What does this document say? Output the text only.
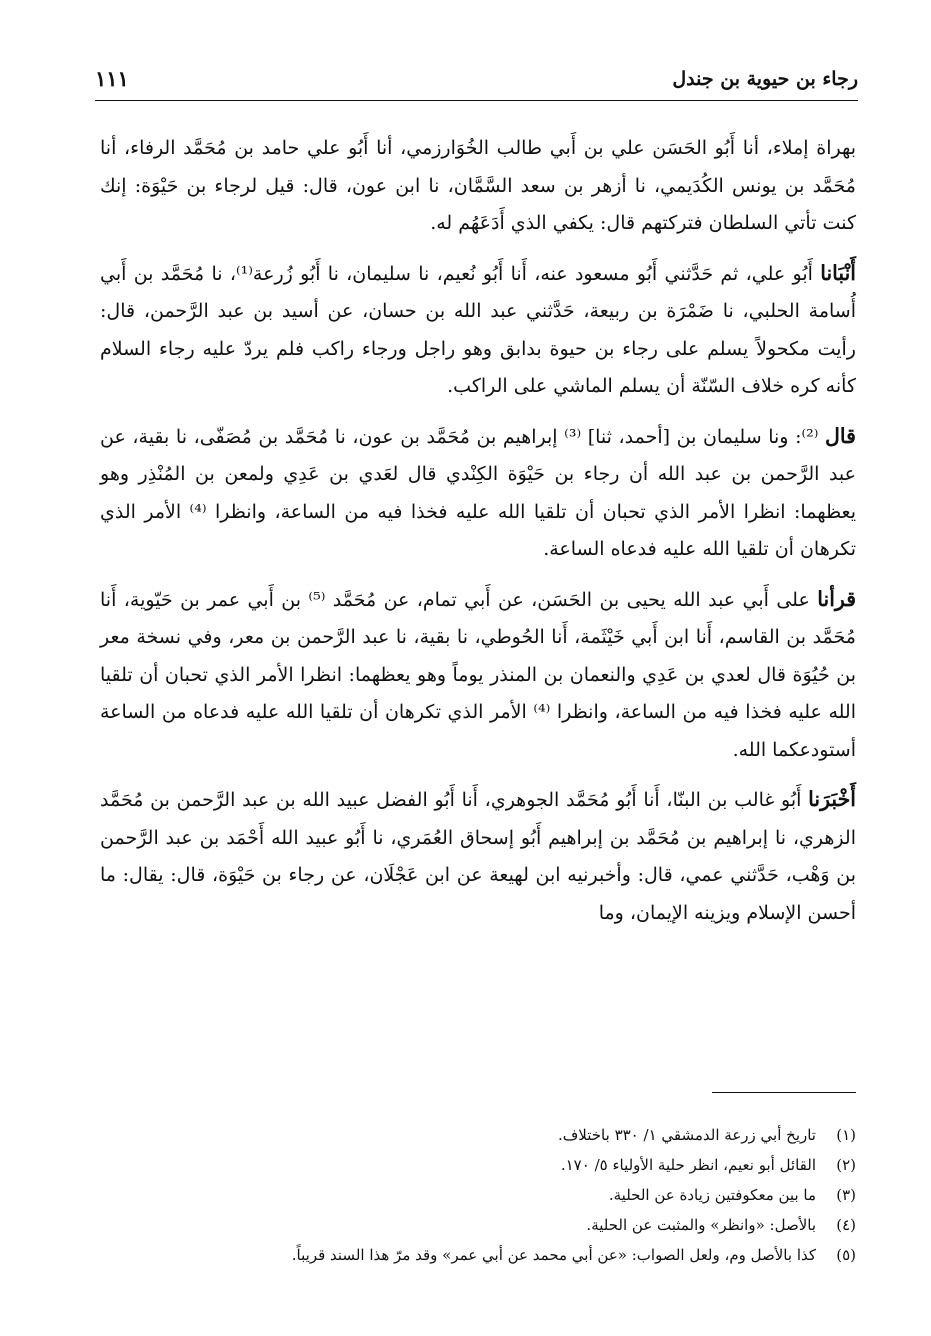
رجاء بن حيوية بن جندل
١١١

بهراة إملاء، أنا أَبُو الحَسَن علي بن أَبي طالب الخُوَارزمي، أنا أَبُو علي حامد بن مُحَمَّد الرفاء، أنا مُحَمَّد بن يونس الكُدَيمي، نا أزهر بن سعد السَّمَّان، نا ابن عون، قال: قيل لرجاء بن حَيْوَة: إنك كنت تأتي السلطان فتركتهم قال: يكفي الذي أَدَعَهُم له.

أَنْبَانا أَبُو علي، ثم حَدَّثني أَبُو مسعود عنه، أَنا أَبُو نُعيم، نا سليمان، نا أَبُو زُرعة⁽¹⁾، نا مُحَمَّد بن أَبي أُسامة الحلبي، نا ضَمْرَة بن ربيعة، حَدَّثني عبد الله بن حسان، عن أسيد بن عبد الرَّحمن، قال: رأيت مكحولاً يسلم على رجاء بن حيوة بدابق وهو راجل ورجاء راكب فلم يردّ عليه رجاء السلام كأنه كره خلاف السّنّة أن يسلم الماشي على الراكب.

قال ⁽²⁾: ونا سليمان بن [أحمد، ثنا] ⁽³⁾ إبراهيم بن مُحَمَّد بن عون، نا مُحَمَّد بن مُصَفّى، نا بقية، عن عبد الرَّحمن بن عبد الله أن رجاء بن حَيْوَة الكِنْدي قال لعَدي بن عَدِي ولمعن بن المُنْذِر وهو يعظهما: انظرا الأمر الذي تحبان أن تلقيا الله عليه فخذا فيه من الساعة، وانظرا ⁽⁴⁾ الأمر الذي تكرهان أن تلقيا الله عليه فدعاه الساعة.

قرأنا على أَبي عبد الله يحيى بن الحَسَن، عن أَبي تمام، عن مُحَمَّد ⁽⁵⁾ بن أَبي عمر بن حَيّوية، أَنا مُحَمَّد بن القاسم، أَنا ابن أَبي خَيْثَمة، أَنا الحُوطي، نا بقية، نا عبد الرَّحمن بن معر، وفي نسخة معر بن حُيُوَة قال لعدي بن عَدِي والنعمان بن المنذر يوماً وهو يعظهما: انظرا الأمر الذي تحبان أن تلقيا الله عليه فخذا فيه من الساعة، وانظرا ⁽⁴⁾ الأمر الذي تكرهان أن تلقيا الله عليه فدعاه من الساعة أستودعكما الله.

أَخْبَرَنا أَبُو غالب بن البنّا، أَنا أَبُو مُحَمَّد الجوهري، أَنا أَبُو الفضل عبيد الله بن عبد الرَّحمن بن مُحَمَّد الزهري، نا إبراهيم بن مُحَمَّد بن إبراهيم أَبُو إسحاق العُمَري، نا أَبُو عبيد الله أَحْمَد بن عبد الرَّحمن بن وَهْب، حَدَّثني عمي، قال: وأخبرنيه ابن لهيعة عن ابن عَجْلَان، عن رجاء بن حَيْوَة، قال: يقال: ما أحسن الإسلام ويزينه الإيمان، وما

(١)تاريخ أبي زرعة الدمشقي ١/ ٣٣٠ باختلاف.
(٢)القائل أبو نعيم، انظر حلية الأولياء ٥/ ١٧٠.
(٣)ما بين معكوفتين زيادة عن الحلية.
(٤)بالأصل: «وانظر» والمثبت عن الحلية.
(٥)كذا بالأصل وم، ولعل الصواب: «عن أبي محمد عن أبي عمر» وقد مرّ هذا السند قريباً.
